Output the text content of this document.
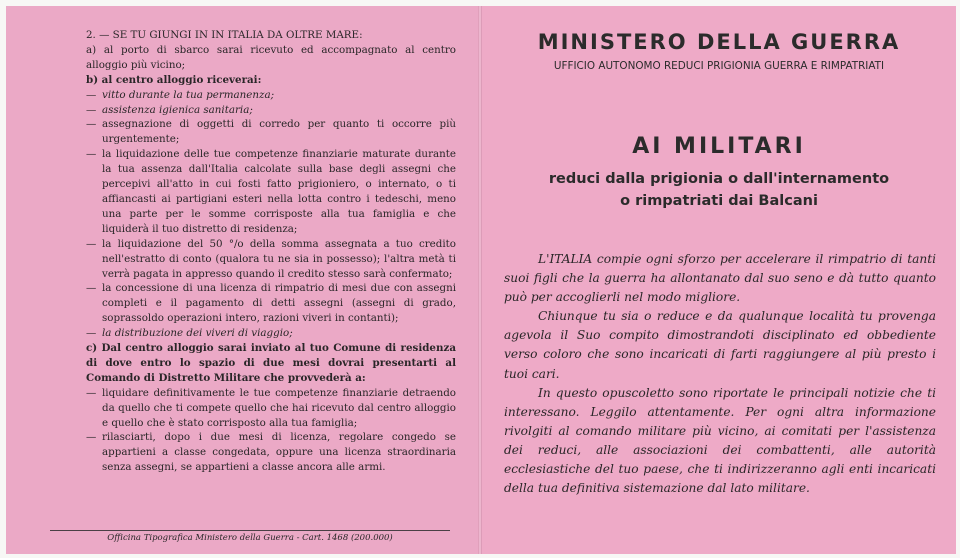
2. — SE TU GIUNGI IN IN ITALIA DA OLTRE MARE:

a) al porto di sbarco sarai ricevuto ed accompagnato al centro alloggio più vicino;

b) al centro alloggio riceverai:

— vitto durante la tua permanenza;

— assistenza igienica sanitaria;

— assegnazione di oggetti di corredo per quanto ti occorre più urgentemente;

— la liquidazione delle tue competenze finanziarie maturate durante la tua assenza dall'Italia calcolate sulla base degli assegni che percepivi all'atto in cui fosti fatto prigioniero, o internato, o ti affiancasti ai partigiani esteri nella lotta contro i tedeschi, meno una parte per le somme corrisposte alla tua famiglia e che liquiderà il tuo distretto di residenza;

— la liquidazione del 50 °/o della somma assegnata a tuo credito nell'estratto di conto (qualora tu ne sia in possesso); l'altra metà ti verrà pagata in appresso quando il credito stesso sarà confermato;

— la concessione di una licenza di rimpatrio di mesi due con assegni completi e il pagamento di detti assegni (assegni di grado, soprassoldo operazioni intero, razioni viveri in contanti);

— la distribuzione dei viveri di viaggio;

c) Dal centro alloggio sarai inviato al tuo Comune di residenza di dove entro lo spazio di due mesi dovrai presentarti al Comando di Distretto Militare che provvederà a:

— liquidare definitivamente le tue competenze finanziarie detraendo da quello che ti compete quello che hai ricevuto dal centro alloggio e quello che è stato corrisposto alla tua famiglia;

— rilasciarti, dopo i due mesi di licenza, regolare congedo se appartieni a classe congedata, oppure una licenza straordinaria senza assegni, se appartieni a classe ancora alle armi.

Officina Tipografica Ministero della Guerra - Cart. 1468 (200.000)
MINISTERO DELLA GUERRA
UFFICIO AUTONOMO REDUCI PRIGIONIA GUERRA E RIMPATRIATI
AI MILITARI
reduci dalla prigionia o dall'internamento
o rimpatriati dai Balcani

L'ITALIA compie ogni sforzo per accelerare il rimpatrio di tanti suoi figli che la guerra ha allontanato dal suo seno e dà tutto quanto può per accoglierli nel modo migliore.

Chiunque tu sia o reduce e da qualunque località tu provenga agevola il Suo compito dimostrandoti disciplinato ed obbediente verso coloro che sono incaricati di farti raggiungere al più presto i tuoi cari.

In questo opuscoletto sono riportate le principali notizie che ti interessano. Leggilo attentamente. Per ogni altra informazione rivolgiti al comando militare più vicino, ai comitati per l'assistenza dei reduci, alle associazioni dei combattenti, alle autorità ecclesiastiche del tuo paese, che ti indirizzeranno agli enti incaricati della tua definitiva sistemazione dal lato militare.
